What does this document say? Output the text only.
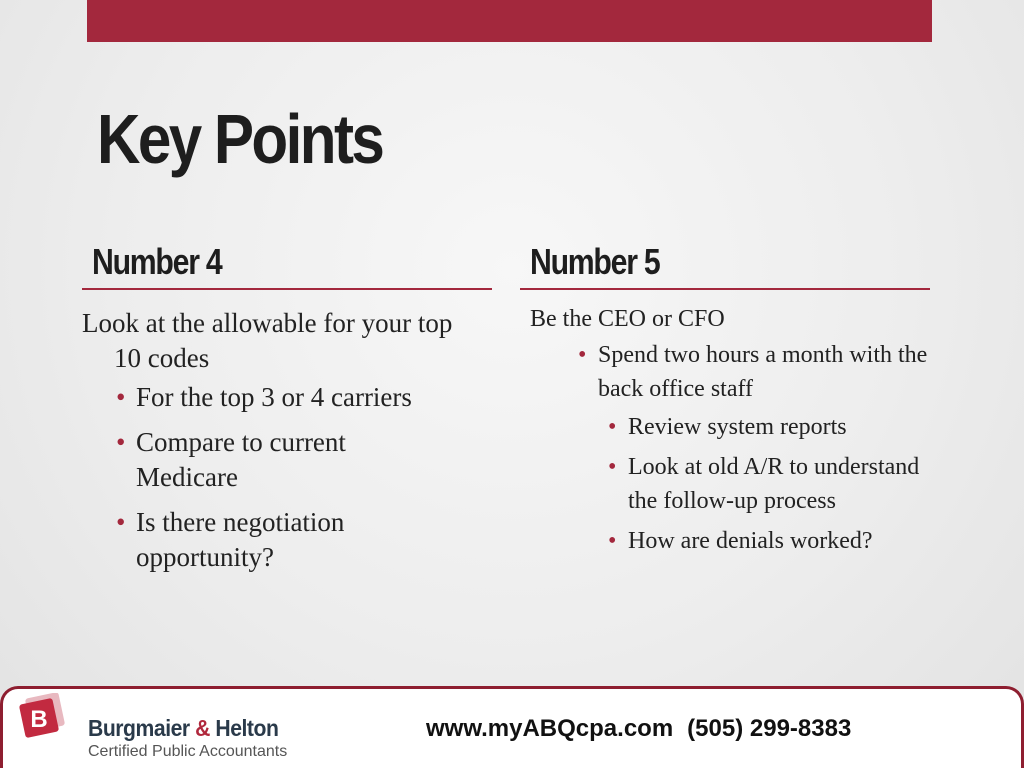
Key Points
Number 4

Look at the allowable for your top 10 codes

• For the top 3 or 4 carriers
• Compare to current Medicare
• Is there negotiation opportunity?
Number 5

Be the CEO or CFO

• Spend two hours a month with the back office staff
• Review system reports
• Look at old A/R to understand the follow-up process
• How are denials worked?
B Burgmaier & Helton
Certified Public Accountants
www.myABQcpa.com (505) 299-8383
